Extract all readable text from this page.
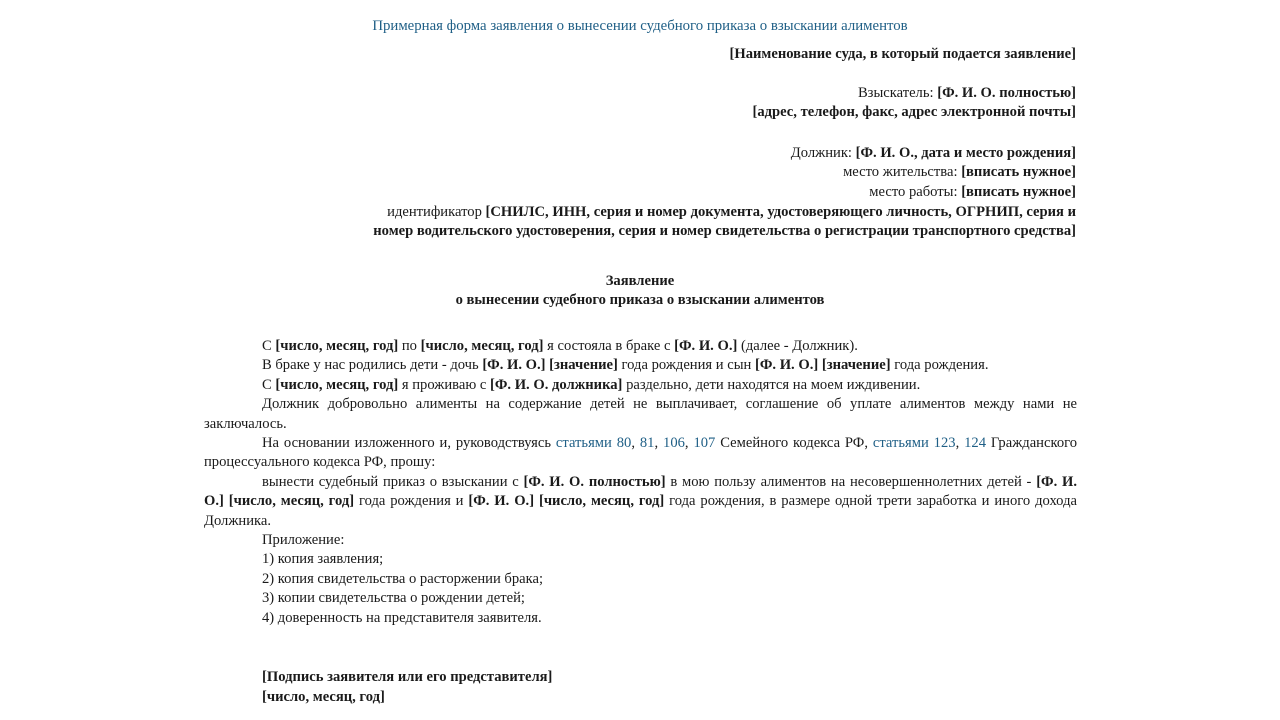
Примерная форма заявления о вынесении судебного приказа о взыскании алиментов
[Наименование суда, в который подается заявление]
Взыскатель: [Ф. И. О. полностью]
[адрес, телефон, факс, адрес электронной почты]
Должник: [Ф. И. О., дата и место рождения]
место жительства: [вписать нужное]
место работы: [вписать нужное]
идентификатор [СНИЛС, ИНН, серия и номер документа, удостоверяющего личность, ОГРНИП, серия и
номер водительского удостоверения, серия и номер свидетельства о регистрации транспортного средства]
Заявление
о вынесении судебного приказа о взыскании алиментов

С [число, месяц, год] по [число, месяц, год] я состояла в браке с [Ф. И. О.] (далее - Должник).

В браке у нас родились дети - дочь [Ф. И. О.] [значение] года рождения и сын [Ф. И. О.] [значение] года рождения.

С [число, месяц, год] я проживаю с [Ф. И. О. должника] раздельно, дети находятся на моем иждивении.

Должник добровольно алименты на содержание детей не выплачивает, соглашение об уплате алиментов между нами не заключалось.

На основании изложенного и, руководствуясь статьями 80, 81, 106, 107 Семейного кодекса РФ, статьями 123, 124 Гражданского процессуального кодекса РФ, прошу:

вынести судебный приказ о взыскании с [Ф. И. О. полностью] в мою пользу алиментов на несовершеннолетних детей - [Ф. И. О.] [число, месяц, год] года рождения и [Ф. И. О.] [число, месяц, год] года рождения, в размере одной трети заработка и иного дохода Должника.

Приложение:

1) копия заявления;

2) копия свидетельства о расторжении брака;

3) копии свидетельства о рождении детей;

4) доверенность на представителя заявителя.

[Подпись заявителя или его представителя]
[число, месяц, год]
